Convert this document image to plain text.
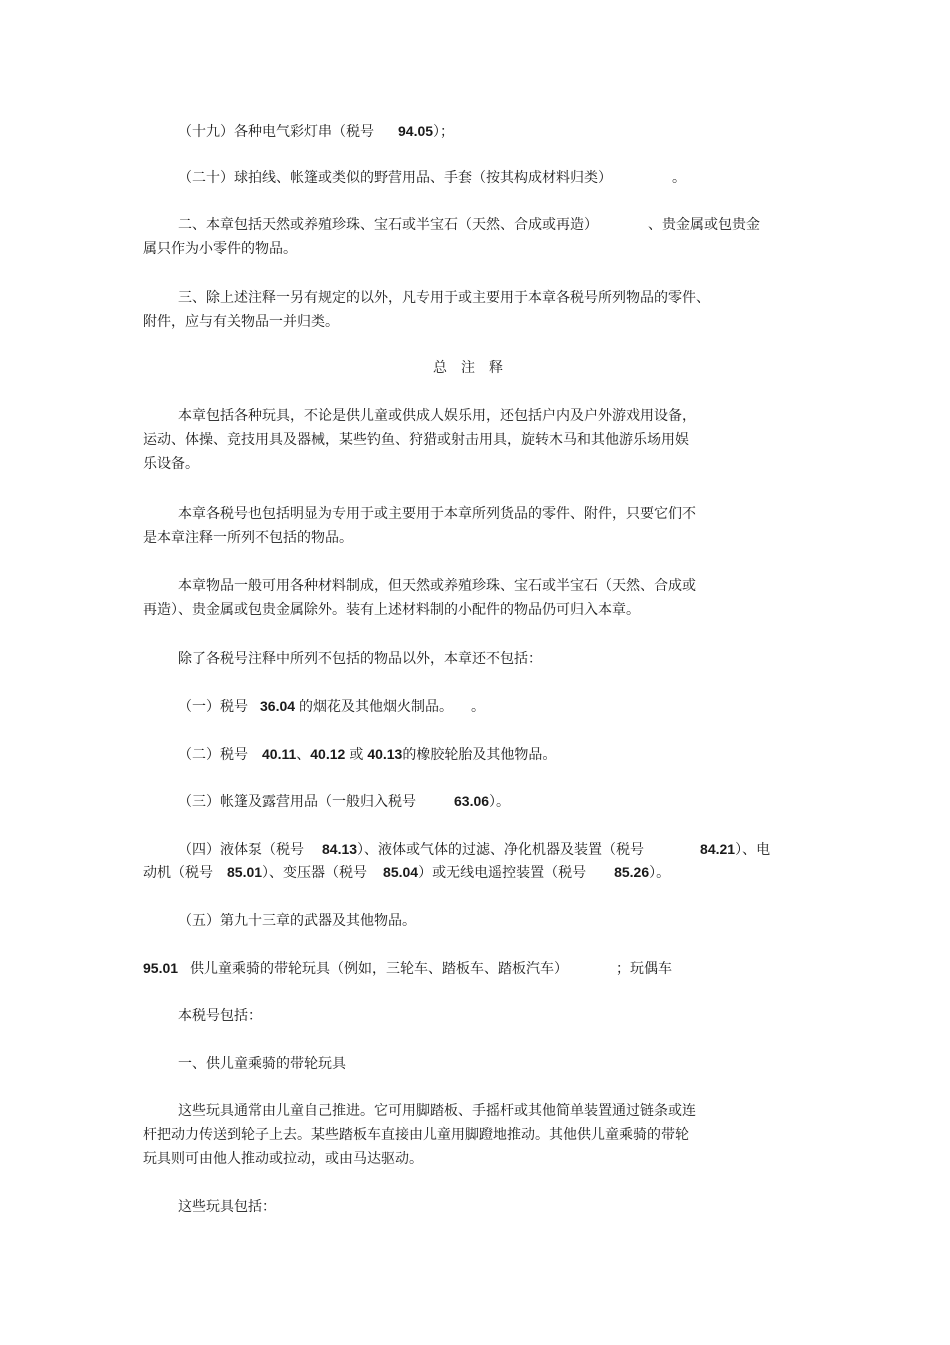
（十九）各种电气彩灯串（税号 94.05）；
（二十）球拍线、帐篷或类似的野营用品、手套（按其构成材料归类）	。
二、本章包括天然或养殖珍珠、宝石或半宝石（天然、合成或再造）	、贵金属或包贵金
属只作为小零件的物品。
三、除上述注释一另有规定的以外，凡专用于或主要用于本章各税号所列物品的零件、
附件，应与有关物品一并归类。
总注释
本章包括各种玩具，不论是供儿童或供成人娱乐用，还包括户内及户外游戏用设备，
运动、体操、竞技用具及器械，某些钓鱼、狩猎或射击用具，旋转木马和其他游乐场用娱
乐设备。
本章各税号也包括明显为专用于或主要用于本章所列货品的零件、附件，只要它们不
是本章注释一所列不包括的物品。
本章物品一般可用各种材料制成，但天然或养殖珍珠、宝石或半宝石（天然、合成或
再造）、贵金属或包贵金属除外。装有上述材料制的小配件的物品仍可归入本章。
除了各税号注释中所列不包括的物品以外，本章还不包括：
（一）税号 36.04 的烟花及其他烟火制品。 。
（二）税号 40.11、40.12 或 40.13的橡胶轮胎及其他物品。
（三）帐篷及露营用品（一般归入税号	63.06）。
（四）液体泵（税号 84.13）、液体或气体的过滤、净化机器及装置（税号	84.21）、电
动机（税号 85.01）、变压器（税号 85.04）或无线电遥控装置（税号 85.26）。
（五）第九十三章的武器及其他物品。
95.01 供儿童乘骑的带轮玩具（例如，三轮车、踏板车、踏板汽车）	；玩偶车
本税号包括：
一、供儿童乘骑的带轮玩具
这些玩具通常由儿童自己推进。它可用脚踏板、手摇杆或其他简单装置通过链条或连
杆把动力传送到轮子上去。某些踏板车直接由儿童用脚蹬地推动。其他供儿童乘骑的带轮
玩具则可由他人推动或拉动，或由马达驱动。
这些玩具包括：
